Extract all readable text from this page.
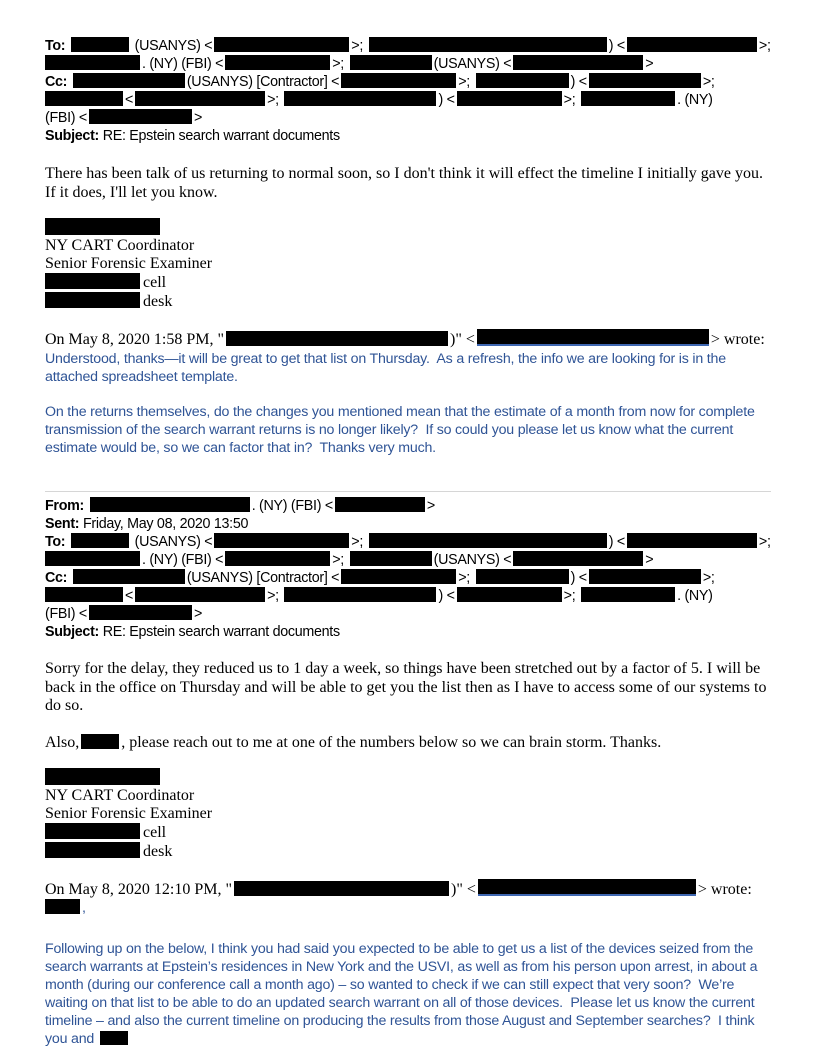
To:	(USANYS) <	>;	) <	>;
. (NY) (FBI) <	>;	(USANYS) <	>
Cc:	(USANYS) [Contractor] <	>;	) <	>;
<	>;	) <	>;	. (NY)
(FBI) <	>
Subject: RE: Epstein search warrant documents
There has been talk of us returning to normal soon, so I don't think it will effect the timeline I initially gave you. If it does, I'll let you know.
NY CART Coordinator
Senior Forensic Examiner
cell
desk
On May 8, 2020 1:58 PM, "	)" <	> wrote:

Understood, thanks—it will be great to get that list on Thursday.  As a refresh, the info we are looking for is in the attached spreadsheet template.

On the returns themselves, do the changes you mentioned mean that the estimate of a month from now for complete transmission of the search warrant returns is no longer likely?  If so could you please let us know what the current estimate would be, so we can factor that in?  Thanks very much.

From:	. (NY) (FBI) <	>
Sent: Friday, May 08, 2020 13:50
To:	(USANYS) <	>;	) <	>;
. (NY) (FBI) <	>;	(USANYS) <	>
Cc:	(USANYS) [Contractor] <	>;	) <	>;
<	>;	) <	>;	. (NY)
(FBI) <	>
Subject: RE: Epstein search warrant documents
Sorry for the delay, they reduced us to 1 day a week, so things have been stretched out by a factor of 5. I will be back in the office on Thursday and will be able to get you the list then as I have to access some of our systems to do so.
Also,	, please reach out to me at one of the numbers below so we can brain storm. Thanks.
NY CART Coordinator
Senior Forensic Examiner
cell
desk
On May 8, 2020 12:10 PM, "	)" <	> wrote:
,

Following up on the below, I think you had said you expected to be able to get us a list of the devices seized from the search warrants at Epstein’s residences in New York and the USVI, as well as from his person upon arrest, in about a month (during our conference call a month ago) – so wanted to check if we can still expect that very soon?  We’re waiting on that list to be able to do an updated search warrant on all of those devices.  Please let us know the current timeline – and also the current timeline on producing the results from those August and September searches?  I think you and
